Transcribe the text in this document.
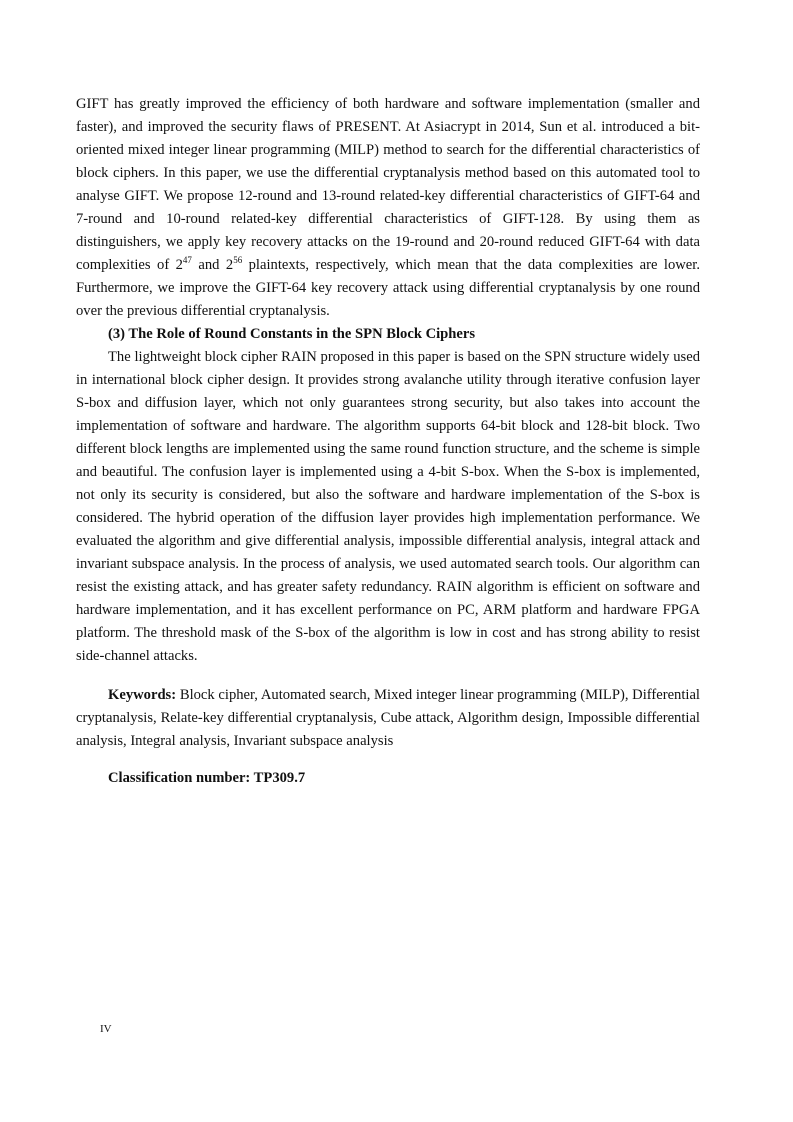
GIFT has greatly improved the efficiency of both hardware and software implementation (smaller and faster), and improved the security flaws of PRESENT. At Asiacrypt in 2014, Sun et al. introduced a bit-oriented mixed integer linear programming (MILP) method to search for the differential characteristics of block ciphers. In this paper, we use the differential cryptanalysis method based on this automated tool to analyse GIFT. We propose 12-round and 13-round related-key differential characteristics of GIFT-64 and 7-round and 10-round related-key differential characteristics of GIFT-128. By using them as distinguishers, we apply key recovery attacks on the 19-round and 20-round reduced GIFT-64 with data complexities of $2^{47}$ and $2^{56}$ plaintexts, respectively, which mean that the data complexities are lower. Furthermore, we improve the GIFT-64 key recovery attack using differential cryptanalysis by one round over the previous differential cryptanalysis.

(3) The Role of Round Constants in the SPN Block Ciphers

The lightweight block cipher RAIN proposed in this paper is based on the SPN structure widely used in international block cipher design. It provides strong avalanche utility through iterative confusion layer S-box and diffusion layer, which not only guarantees strong security, but also takes into account the implementation of software and hardware. The algorithm supports 64-bit block and 128-bit block. Two different block lengths are implemented using the same round function structure, and the scheme is simple and beautiful. The confusion layer is implemented using a 4-bit S-box. When the S-box is implemented, not only its security is considered, but also the software and hardware implementation of the S-box is considered. The hybrid operation of the diffusion layer provides high implementation performance. We evaluated the algorithm and give differential analysis, impossible differential analysis, integral attack and invariant subspace analysis. In the process of analysis, we used automated search tools. Our algorithm can resist the existing attack, and has greater safety redundancy. RAIN algorithm is efficient on software and hardware implementation, and it has excellent performance on PC, ARM platform and hardware FPGA platform. The threshold mask of the S-box of the algorithm is low in cost and has strong ability to resist side-channel attacks.

Keywords: Block cipher, Automated search, Mixed integer linear programming (MILP), Differential cryptanalysis, Relate-key differential cryptanalysis, Cube attack, Algorithm design, Impossible differential analysis, Integral analysis, Invariant subspace analysis

Classification number: TP309.7

IV
